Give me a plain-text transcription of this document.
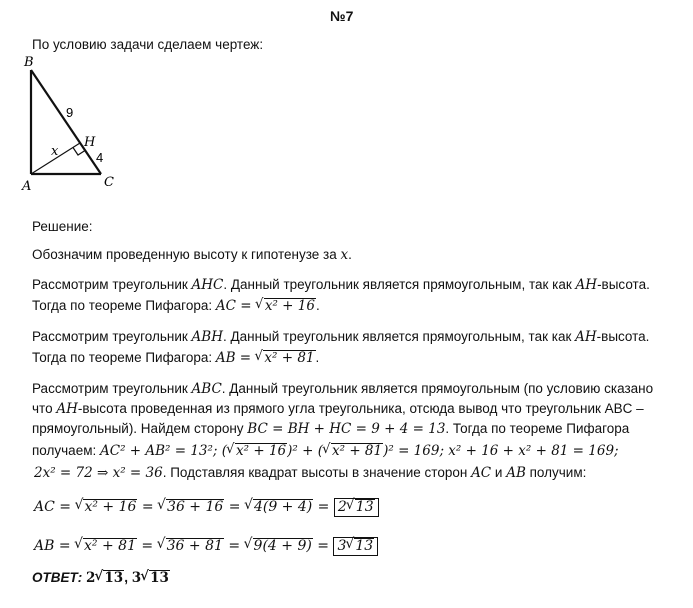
№7
По условию задачи сделаем чертеж:
B
A	C
H
x
9
4
Решение:
Обозначим проведенную высоту к гипотенузе за x.
Рассмотрим треугольник AHC. Данный треугольник является прямоугольным, так как AH-высота.
Тогда по теореме Пифагора: AC = √ x² + 16.
Рассмотрим треугольник ABH. Данный треугольник является прямоугольным, так как AH-высота.
Тогда по теореме Пифагора: AB = √ x² + 81.
Рассмотрим треугольник ABC. Данный треугольник является прямоугольным (по условию сказано
что AH-высота проведенная из прямого угла треугольника, отсюда вывод что треугольник ABC –
прямоугольный). Найдем сторону BC = BH + HC = 9 + 4 = 13. Тогда по теореме Пифагора
получаем: AC² + AB² = 13²; ( √ x² + 16)² + ( √ x² + 81)² = 169; x² + 16 + x² + 81 = 169;
2x² = 72 ⇒ x² = 36. Подставляя квадрат высоты в значение сторон AC и AB получим:
AC = √ x² + 16 = √ 36 + 16 = √ 4(9 + 4) = 2 √ 13
AB = √ x² + 81 = √ 36 + 81 = √ 9(4 + 9) = 3 √ 13
ОТВЕТ: 2 √ 13, 3 √ 13
